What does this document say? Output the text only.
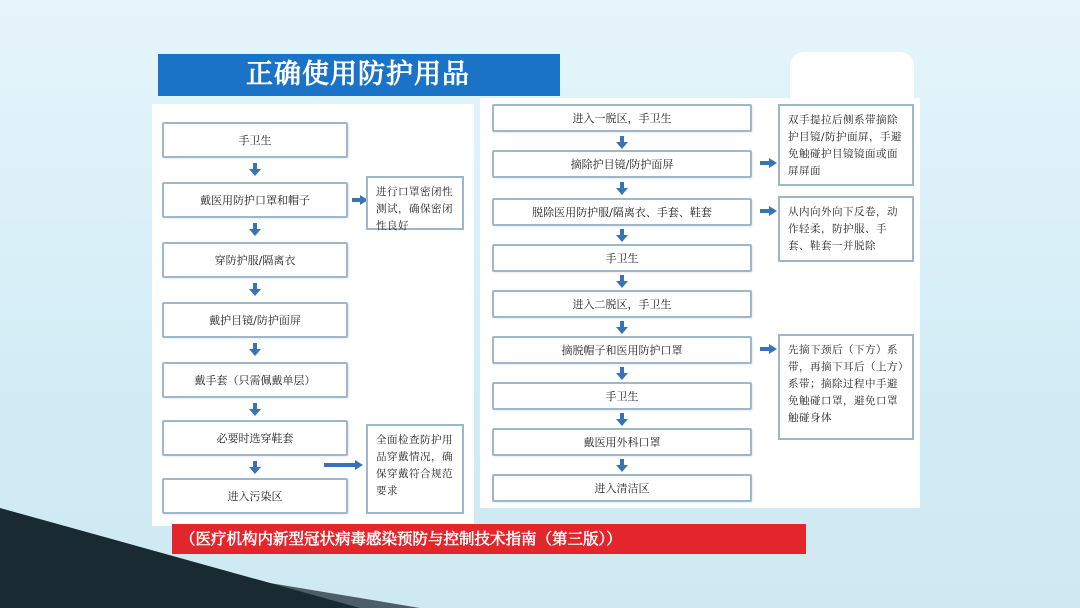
正确使用防护用品
手卫生
戴医用防护口罩和帽子
穿防护服/隔离衣
戴护目镜/防护面屏
戴手套（只需佩戴单层）
必要时选穿鞋套
进入污染区
进行口罩密闭性测试，确保密闭性良好
全面检查防护用品穿戴情况，确保穿戴符合规范要求
进入一脱区，手卫生
摘除护目镜/防护面屏
脱除医用防护服/隔离衣、手套、鞋套
手卫生
进入二脱区，手卫生
摘脱帽子和医用防护口罩
手卫生
戴医用外科口罩
进入清洁区
双手提拉后侧系带摘除护目镜/防护面屏，手避免触碰护目镜镜面或面屏屏面
从内向外向下反卷，动作轻柔，防护服、手套、鞋套一并脱除
先摘下颈后（下方）系带，再摘下耳后（上方）系带；摘除过程中手避免触碰口罩，避免口罩触碰身体
（医疗机构内新型冠状病毒感染预防与控制技术指南（第三版））
